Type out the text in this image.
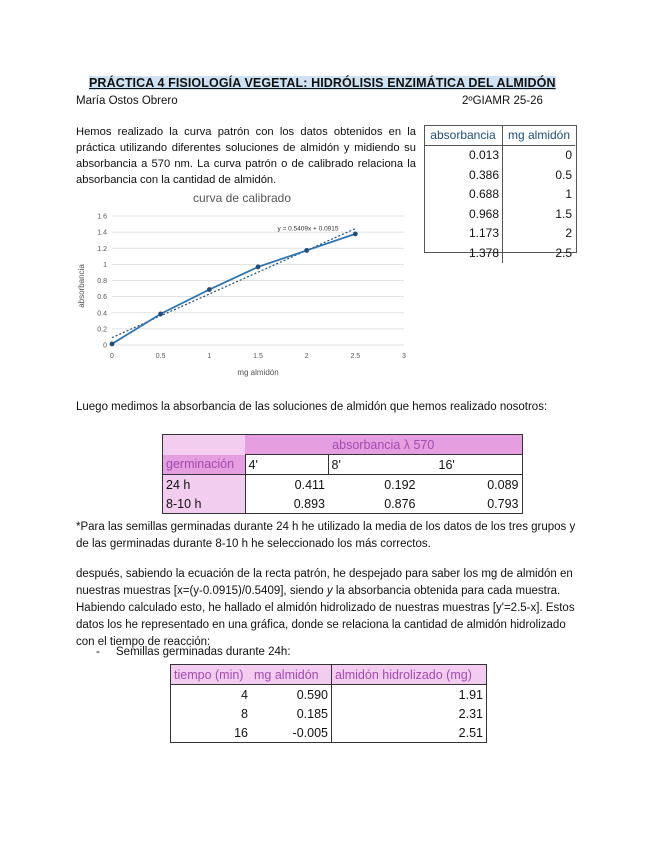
PRÁCTICA 4 FISIOLOGÍA VEGETAL: HIDRÓLISIS ENZIMÁTICA DEL ALMIDÓN
María Ostos Obrero	2ºGIAMR 25-26
Hemos realizado la curva patrón con los datos obtenidos en la práctica utilizando diferentes soluciones de almidón y midiendo su absorbancia a 570 nm. La curva patrón o de calibrado relaciona la absorbancia con la cantidad de almidón.
absorbancia	mg almidón
0.013	0
0.386	0.5
0.688	1
0.968	1.5
1.173	2
1.378	2.5
curva de calibrado
0
0.2
0.4
0.6
0.8
1
1.2
1.4
1.6
0	0.5	1	1.5	2	2.5	3
y = 0.5409x + 0.0915
mg almidón
absorbancia
Luego medimos la absorbancia de las soluciones de almidón que hemos realizado nosotros:
	absorbancia λ 570		
germinación	4'	8'	16'
24 h	0.411	0.192	0.089
8-10 h	0.893	0.876	0.793
*Para las semillas germinadas durante 24 h he utilizado la media de los datos de los tres grupos y de las germinadas durante 8-10 h he seleccionado los más correctos.
después, sabiendo la ecuación de la recta patrón, he despejado para saber los mg de almidón en nuestras muestras [x=(y-0.0915)/0.5409], siendo y la absorbancia obtenida para cada muestra. Habiendo calculado esto, he hallado el almidón hidrolizado de nuestras muestras [y'=2.5-x]. Estos datos los he representado en una gráfica, donde se relaciona la cantidad de almidón hidrolizado con el tiempo de reacción:
- Semillas germinadas durante 24h:
tiempo (min)	mg almidón	almidón hidrolizado (mg)
4	0.590	1.91
8	0.185	2.31
16	-0.005	2.51
